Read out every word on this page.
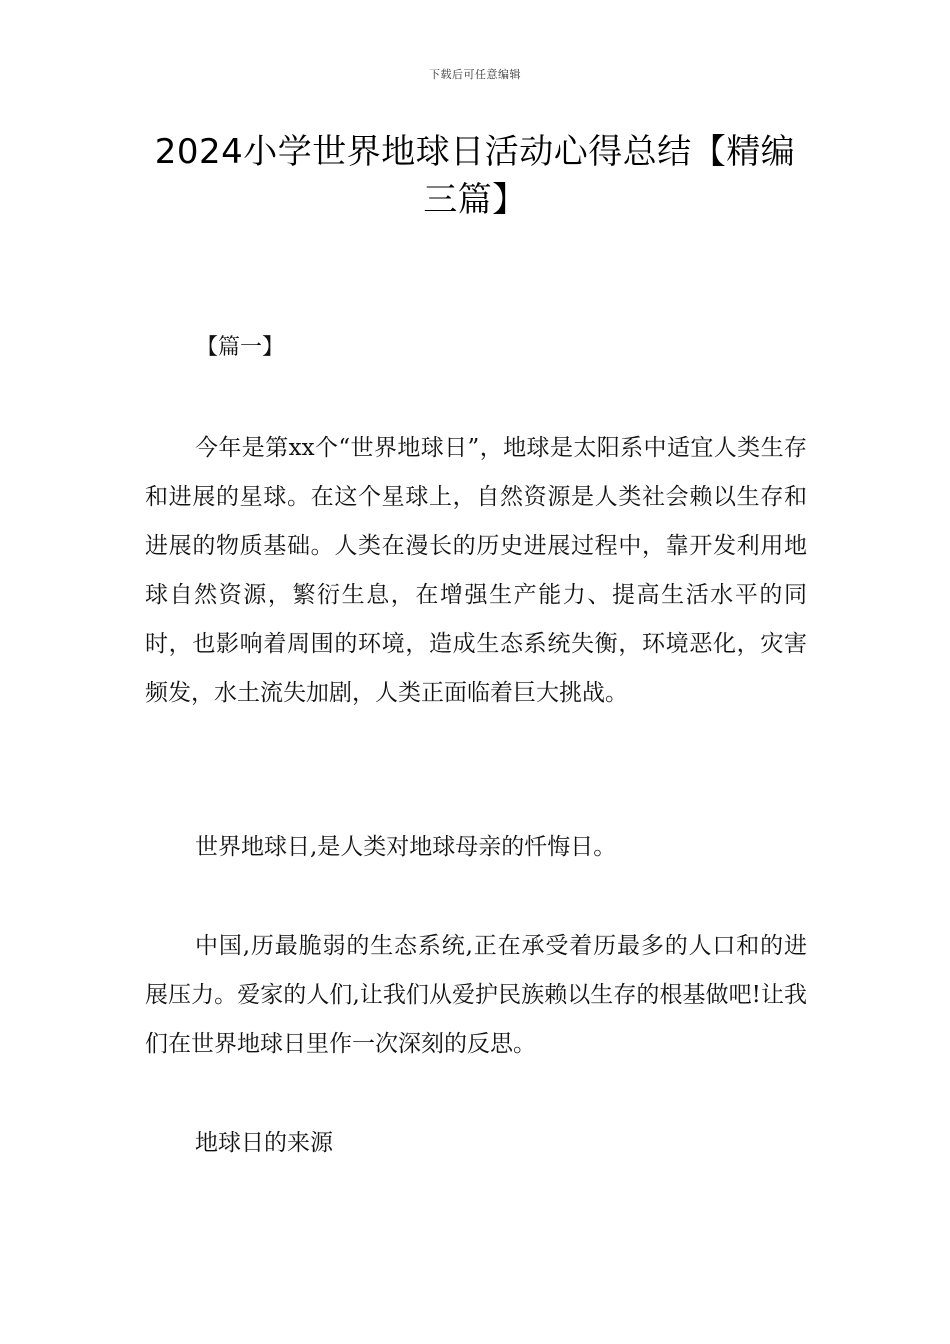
下载后可任意编辑
2024小学世界地球日活动心得总结【精编三篇】
【篇一】

今年是第xx个“世界地球日”，地球是太阳系中适宜人类生存和进展的星球。在这个星球上，自然资源是人类社会赖以生存和进展的物质基础。人类在漫长的历史进展过程中，靠开发利用地球自然资源，繁衍生息，在增强生产能力、提高生活水平的同时，也影响着周围的环境，造成生态系统失衡，环境恶化，灾害频发，水土流失加剧，人类正面临着巨大挑战。

世界地球日,是人类对地球母亲的忏悔日。

中国,历最脆弱的生态系统,正在承受着历最多的人口和的进展压力。爱家的人们,让我们从爱护民族赖以生存的根基做吧!让我们在世界地球日里作一次深刻的反思。

地球日的来源
